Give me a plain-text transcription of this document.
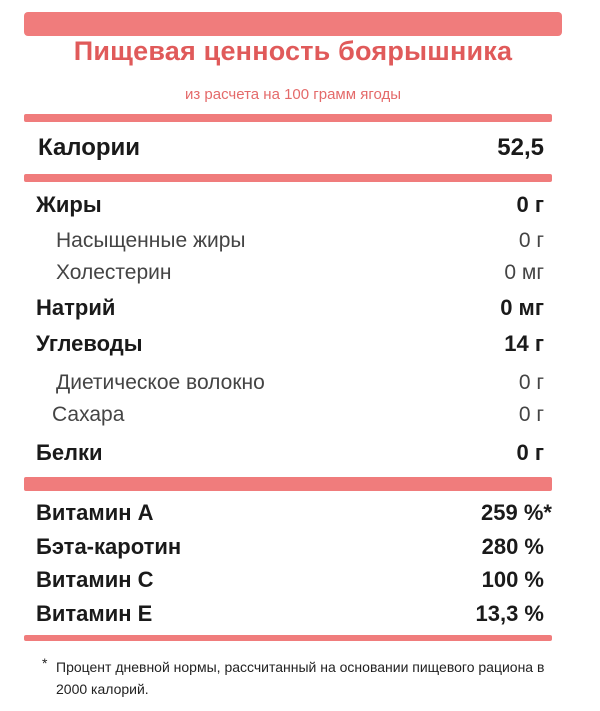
Пищевая ценность боярышника
из расчета на 100 грамм ягоды
Калории	52,5
Жиры	0 г
Насыщенные жиры	0 г
Холестерин	0 мг
Натрий	0 мг
Углеводы	14 г
Диетическое волокно	0 г
Сахара	0 г
Белки	0 г
Витамин А	259 %*
Бэта-каротин	280 %
Витамин С	100 %
Витамин Е	13,3 %
* Процент дневной нормы, рассчитанный на основании пищевого рациона в 2000 калорий.
